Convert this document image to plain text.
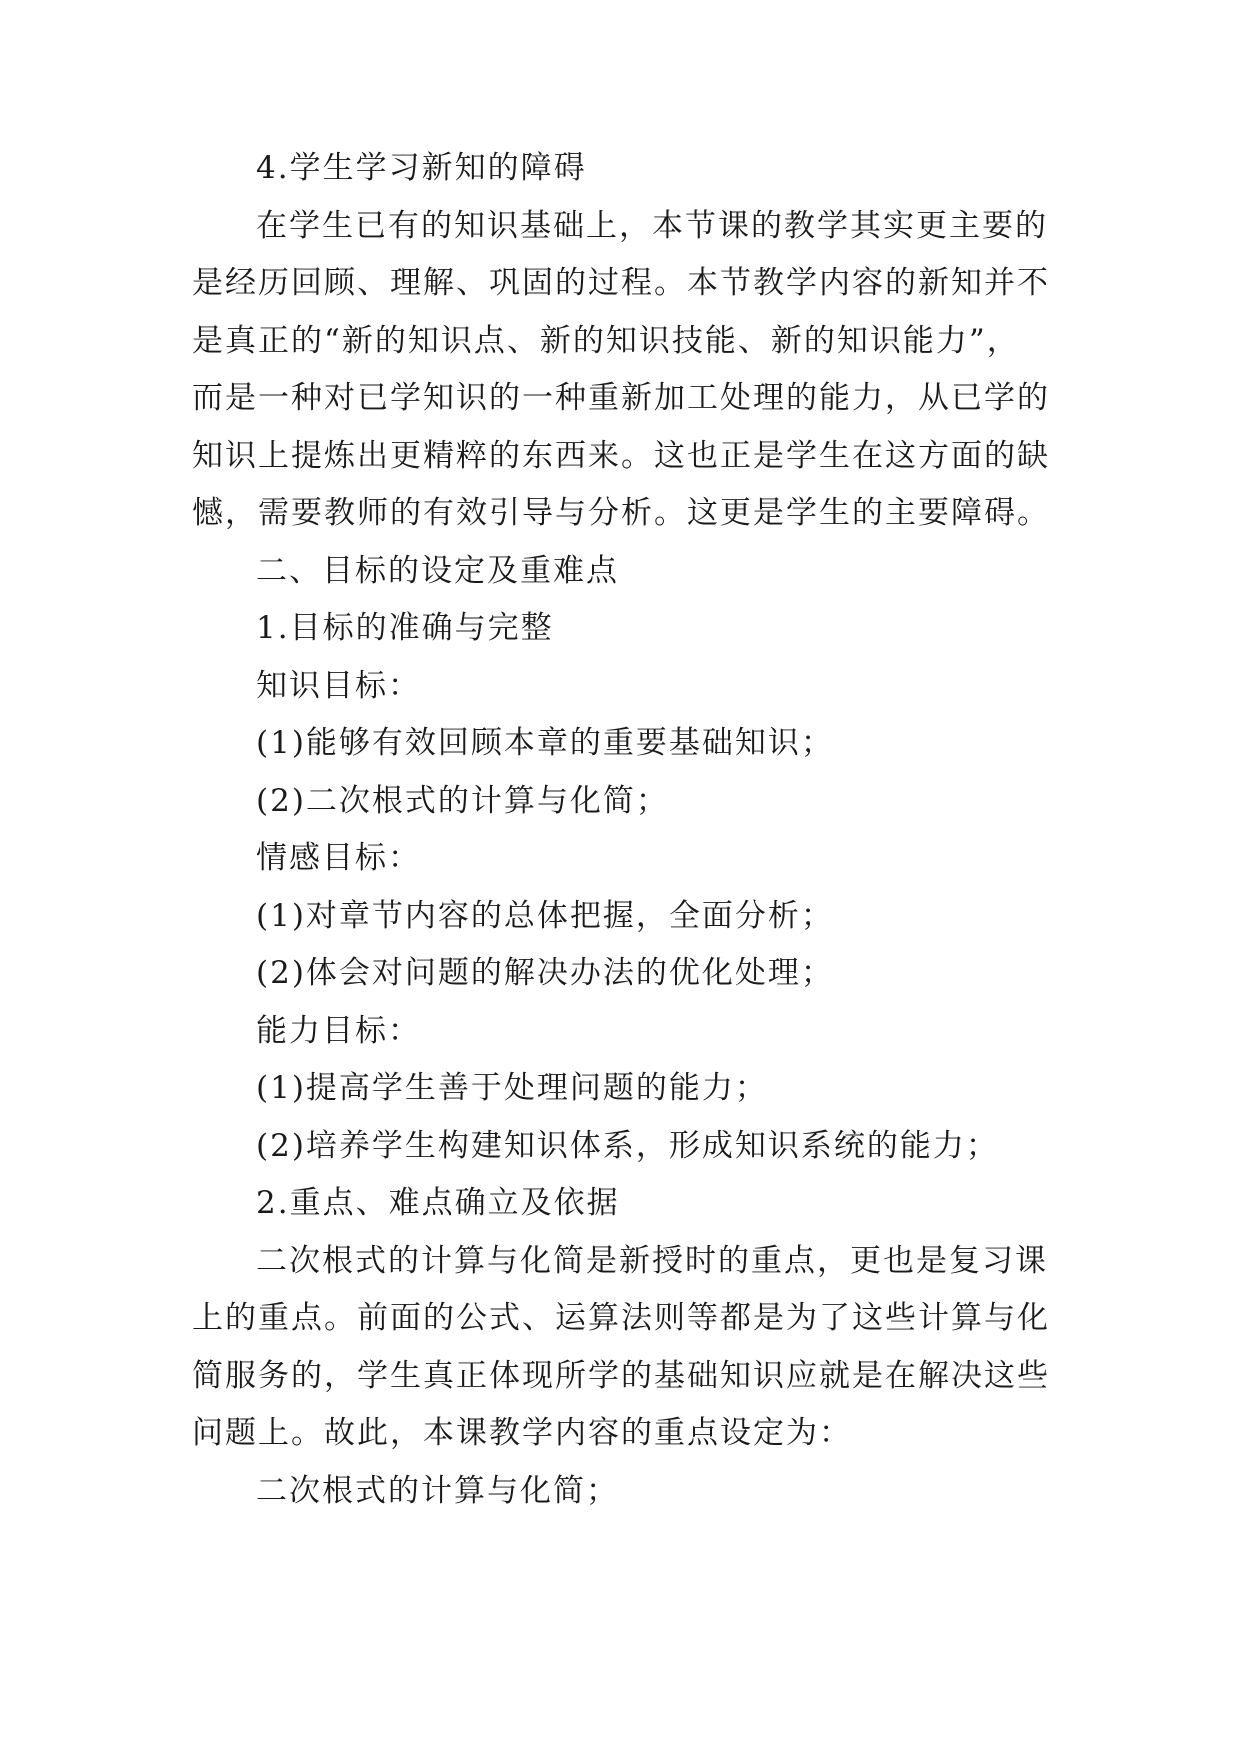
4.学生学习新知的障碍
在学生已有的知识基础上，本节课的教学其实更主要的
是经历回顾、理解、巩固的过程。本节教学内容的新知并不
是真正的“新的知识点、新的知识技能、新的知识能力”，
而是一种对已学知识的一种重新加工处理的能力，从已学的
知识上提炼出更精粹的东西来。这也正是学生在这方面的缺
憾，需要教师的有效引导与分析。这更是学生的主要障碍。
二、目标的设定及重难点
1.目标的准确与完整
知识目标：
(1)能够有效回顾本章的重要基础知识；
(2)二次根式的计算与化简；
情感目标：
(1)对章节内容的总体把握，全面分析；
(2)体会对问题的解决办法的优化处理；
能力目标：
(1)提高学生善于处理问题的能力；
(2)培养学生构建知识体系，形成知识系统的能力；
2.重点、难点确立及依据
二次根式的计算与化简是新授时的重点，更也是复习课
上的重点。前面的公式、运算法则等都是为了这些计算与化
简服务的，学生真正体现所学的基础知识应就是在解决这些
问题上。故此，本课教学内容的重点设定为：
二次根式的计算与化简；
